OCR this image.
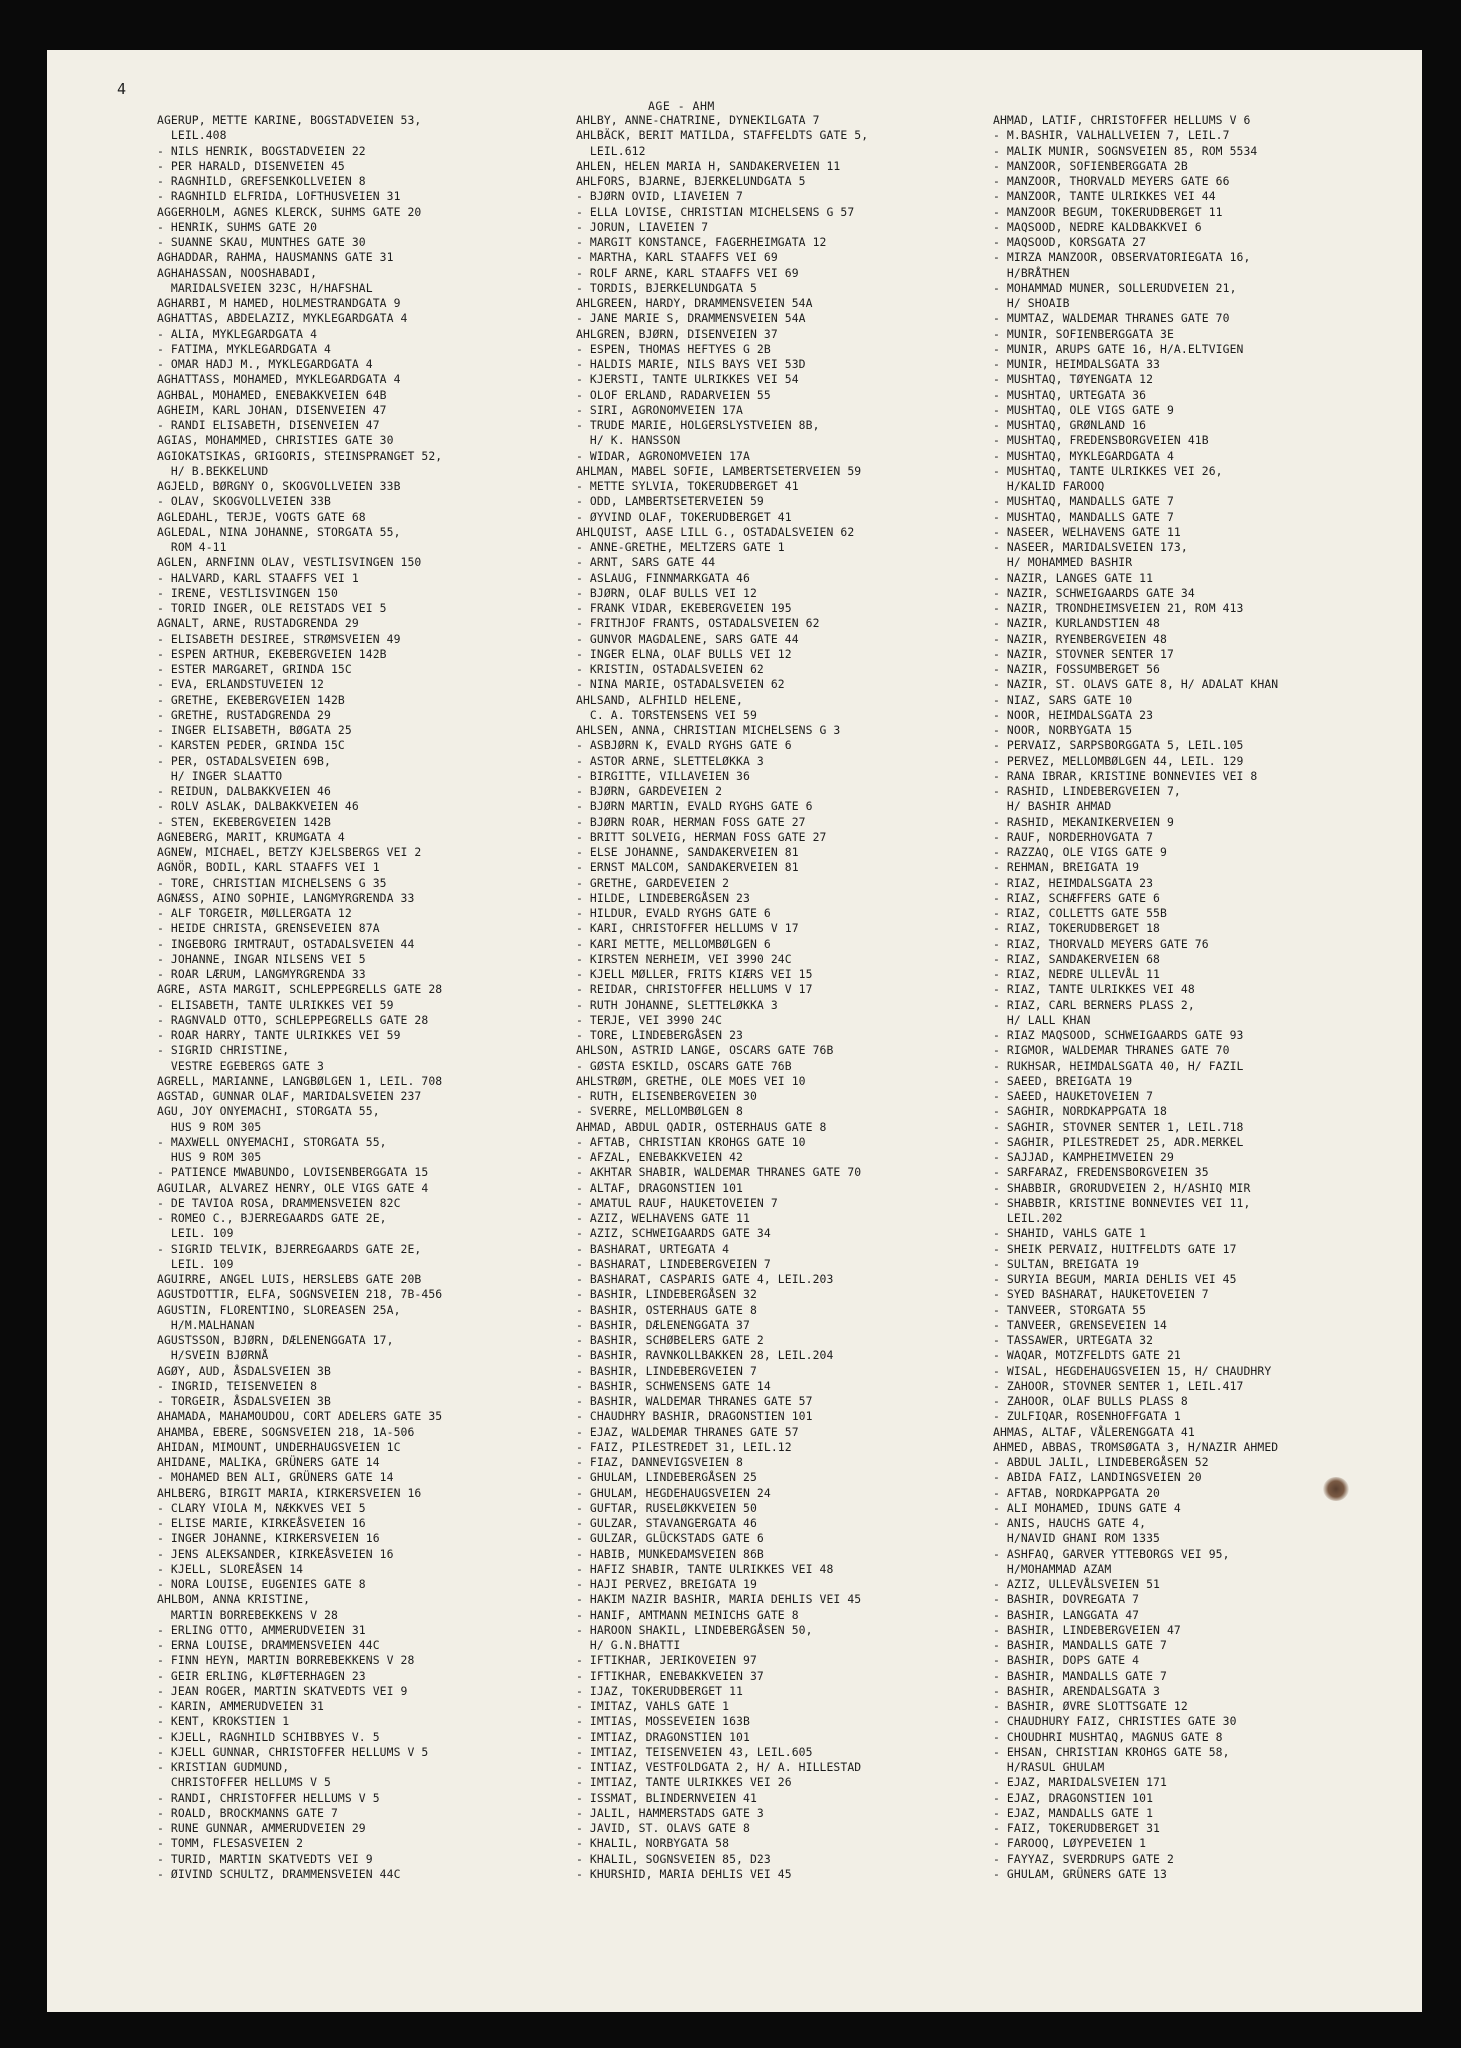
4
AGE - AHM
AGERUP, METTE KARINE, BOGSTADVEIEN 53,
LEIL.408
- NILS HENRIK, BOGSTADVEIEN 22
- PER HARALD, DISENVEIEN 45
- RAGNHILD, GREFSENKOLLVEIEN 8
- RAGNHILD ELFRIDA, LOFTHUSVEIEN 31
AGGERHOLM, AGNES KLERCK, SUHMS GATE 20
- HENRIK, SUHMS GATE 20
- SUANNE SKAU, MUNTHES GATE 30
AGHADDAR, RAHMA, HAUSMANNS GATE 31
AGHAHASSAN, NOOSHABADI,
MARIDALSVEIEN 323C, H/HAFSHAL
AGHARBI, M HAMED, HOLMESTRANDGATA 9
AGHATTAS, ABDELAZIZ, MYKLEGARDGATA 4
- ALIA, MYKLEGARDGATA 4
- FATIMA, MYKLEGARDGATA 4
- OMAR HADJ M., MYKLEGARDGATA 4
AGHATTASS, MOHAMED, MYKLEGARDGATA 4
AGHBAL, MOHAMED, ENEBAKKVEIEN 64B
AGHEIM, KARL JOHAN, DISENVEIEN 47
- RANDI ELISABETH, DISENVEIEN 47
AGIAS, MOHAMMED, CHRISTIES GATE 30
AGIOKATSIKAS, GRIGORIS, STEINSPRANGET 52,
H/ B.BEKKELUND
AGJELD, BØRGNY O, SKOGVOLLVEIEN 33B
- OLAV, SKOGVOLLVEIEN 33B
AGLEDAHL, TERJE, VOGTS GATE 68
AGLEDAL, NINA JOHANNE, STORGATA 55,
ROM 4-11
AGLEN, ARNFINN OLAV, VESTLISVINGEN 150
- HALVARD, KARL STAAFFS VEI 1
- IRENE, VESTLISVINGEN 150
- TORID INGER, OLE REISTADS VEI 5
AGNALT, ARNE, RUSTADGRENDA 29
- ELISABETH DESIREE, STRØMSVEIEN 49
- ESPEN ARTHUR, EKEBERGVEIEN 142B
- ESTER MARGARET, GRINDA 15C
- EVA, ERLANDSTUVEIEN 12
- GRETHE, EKEBERGVEIEN 142B
- GRETHE, RUSTADGRENDA 29
- INGER ELISABETH, BØGATA 25
- KARSTEN PEDER, GRINDA 15C
- PER, OSTADALSVEIEN 69B,
H/ INGER SLAATTO
- REIDUN, DALBAKKVEIEN 46
- ROLV ASLAK, DALBAKKVEIEN 46
- STEN, EKEBERGVEIEN 142B
AGNEBERG, MARIT, KRUMGATA 4
AGNEW, MICHAEL, BETZY KJELSBERGS VEI 2
AGNÖR, BODIL, KARL STAAFFS VEI 1
- TORE, CHRISTIAN MICHELSENS G 35
AGNÆSS, AINO SOPHIE, LANGMYRGRENDA 33
- ALF TORGEIR, MØLLERGATA 12
- HEIDE CHRISTA, GRENSEVEIEN 87A
- INGEBORG IRMTRAUT, OSTADALSVEIEN 44
- JOHANNE, INGAR NILSENS VEI 5
- ROAR LÆRUM, LANGMYRGRENDA 33
AGRE, ASTA MARGIT, SCHLEPPEGRELLS GATE 28
- ELISABETH, TANTE ULRIKKES VEI 59
- RAGNVALD OTTO, SCHLEPPEGRELLS GATE 28
- ROAR HARRY, TANTE ULRIKKES VEI 59
- SIGRID CHRISTINE,
VESTRE EGEBERGS GATE 3
AGRELL, MARIANNE, LANGBØLGEN 1, LEIL. 708
AGSTAD, GUNNAR OLAF, MARIDALSVEIEN 237
AGU, JOY ONYEMACHI, STORGATA 55,
HUS 9 ROM 305
- MAXWELL ONYEMACHI, STORGATA 55,
HUS 9 ROM 305
- PATIENCE MWABUNDO, LOVISENBERGGATA 15
AGUILAR, ALVAREZ HENRY, OLE VIGS GATE 4
- DE TAVIOA ROSA, DRAMMENSVEIEN 82C
- ROMEO C., BJERREGAARDS GATE 2E,
LEIL. 109
- SIGRID TELVIK, BJERREGAARDS GATE 2E,
LEIL. 109
AGUIRRE, ANGEL LUIS, HERSLEBS GATE 20B
AGUSTDOTTIR, ELFA, SOGNSVEIEN 218, 7B-456
AGUSTIN, FLORENTINO, SLOREASEN 25A,
H/M.MALHANAN
AGUSTSSON, BJØRN, DÆLENENGGATA 17,
H/SVEIN BJØRNÅ
AGØY, AUD, ÅSDALSVEIEN 3B
- INGRID, TEISENVEIEN 8
- TORGEIR, ÅSDALSVEIEN 3B
AHAMADA, MAHAMOUDOU, CORT ADELERS GATE 35
AHAMBA, EBERE, SOGNSVEIEN 218, 1A-506
AHIDAN, MIMOUNT, UNDERHAUGSVEIEN 1C
AHIDANE, MALIKA, GRÜNERS GATE 14
- MOHAMED BEN ALI, GRÜNERS GATE 14
AHLBERG, BIRGIT MARIA, KIRKERSVEIEN 16
- CLARY VIOLA M, NÆKKVES VEI 5
- ELISE MARIE, KIRKEÅSVEIEN 16
- INGER JOHANNE, KIRKERSVEIEN 16
- JENS ALEKSANDER, KIRKEÅSVEIEN 16
- KJELL, SLOREÅSEN 14
- NORA LOUISE, EUGENIES GATE 8
AHLBOM, ANNA KRISTINE,
MARTIN BORREBEKKENS V 28
- ERLING OTTO, AMMERUDVEIEN 31
- ERNA LOUISE, DRAMMENSVEIEN 44C
- FINN HEYN, MARTIN BORREBEKKENS V 28
- GEIR ERLING, KLØFTERHAGEN 23
- JEAN ROGER, MARTIN SKATVEDTS VEI 9
- KARIN, AMMERUDVEIEN 31
- KENT, KROKSTIEN 1
- KJELL, RAGNHILD SCHIBBYES V. 5
- KJELL GUNNAR, CHRISTOFFER HELLUMS V 5
- KRISTIAN GUDMUND,
CHRISTOFFER HELLUMS V 5
- RANDI, CHRISTOFFER HELLUMS V 5
- ROALD, BROCKMANNS GATE 7
- RUNE GUNNAR, AMMERUDVEIEN 29
- TOMM, FLESASVEIEN 2
- TURID, MARTIN SKATVEDTS VEI 9
- ØIVIND SCHULTZ, DRAMMENSVEIEN 44C
AHLBY, ANNE-CHATRINE, DYNEKILGATA 7
AHLBÄCK, BERIT MATILDA, STAFFELDTS GATE 5,
LEIL.612
AHLEN, HELEN MARIA H, SANDAKERVEIEN 11
AHLFORS, BJARNE, BJERKELUNDGATA 5
- BJØRN OVID, LIAVEIEN 7
- ELLA LOVISE, CHRISTIAN MICHELSENS G 57
- JORUN, LIAVEIEN 7
- MARGIT KONSTANCE, FAGERHEIMGATA 12
- MARTHA, KARL STAAFFS VEI 69
- ROLF ARNE, KARL STAAFFS VEI 69
- TORDIS, BJERKELUNDGATA 5
AHLGREEN, HARDY, DRAMMENSVEIEN 54A
- JANE MARIE S, DRAMMENSVEIEN 54A
AHLGREN, BJØRN, DISENVEIEN 37
- ESPEN, THOMAS HEFTYES G 2B
- HALDIS MARIE, NILS BAYS VEI 53D
- KJERSTI, TANTE ULRIKKES VEI 54
- OLOF ERLAND, RADARVEIEN 55
- SIRI, AGRONOMVEIEN 17A
- TRUDE MARIE, HOLGERSLYSTVEIEN 8B,
H/ K. HANSSON
- WIDAR, AGRONOMVEIEN 17A
AHLMAN, MABEL SOFIE, LAMBERTSETERVEIEN 59
- METTE SYLVIA, TOKERUDBERGET 41
- ODD, LAMBERTSETERVEIEN 59
- ØYVIND OLAF, TOKERUDBERGET 41
AHLQUIST, AASE LILL G., OSTADALSVEIEN 62
- ANNE-GRETHE, MELTZERS GATE 1
- ARNT, SARS GATE 44
- ASLAUG, FINNMARKGATA 46
- BJØRN, OLAF BULLS VEI 12
- FRANK VIDAR, EKEBERGVEIEN 195
- FRITHJOF FRANTS, OSTADALSVEIEN 62
- GUNVOR MAGDALENE, SARS GATE 44
- INGER ELNA, OLAF BULLS VEI 12
- KRISTIN, OSTADALSVEIEN 62
- NINA MARIE, OSTADALSVEIEN 62
AHLSAND, ALFHILD HELENE,
C. A. TORSTENSENS VEI 59
AHLSEN, ANNA, CHRISTIAN MICHELSENS G 3
- ASBJØRN K, EVALD RYGHS GATE 6
- ASTOR ARNE, SLETTELØKKA 3
- BIRGITTE, VILLAVEIEN 36
- BJØRN, GARDEVEIEN 2
- BJØRN MARTIN, EVALD RYGHS GATE 6
- BJØRN ROAR, HERMAN FOSS GATE 27
- BRITT SOLVEIG, HERMAN FOSS GATE 27
- ELSE JOHANNE, SANDAKERVEIEN 81
- ERNST MALCOM, SANDAKERVEIEN 81
- GRETHE, GARDEVEIEN 2
- HILDE, LINDEBERGÅSEN 23
- HILDUR, EVALD RYGHS GATE 6
- KARI, CHRISTOFFER HELLUMS V 17
- KARI METTE, MELLOMBØLGEN 6
- KIRSTEN NERHEIM, VEI 3990 24C
- KJELL MØLLER, FRITS KIÆRS VEI 15
- REIDAR, CHRISTOFFER HELLUMS V 17
- RUTH JOHANNE, SLETTELØKKA 3
- TERJE, VEI 3990 24C
- TORE, LINDEBERGÅSEN 23
AHLSON, ASTRID LANGE, OSCARS GATE 76B
- GØSTA ESKILD, OSCARS GATE 76B
AHLSTRØM, GRETHE, OLE MOES VEI 10
- RUTH, ELISENBERGVEIEN 30
- SVERRE, MELLOMBØLGEN 8
AHMAD, ABDUL QADIR, OSTERHAUS GATE 8
- AFTAB, CHRISTIAN KROHGS GATE 10
- AFZAL, ENEBAKKVEIEN 42
- AKHTAR SHABIR, WALDEMAR THRANES GATE 70
- ALTAF, DRAGONSTIEN 101
- AMATUL RAUF, HAUKETOVEIEN 7
- AZIZ, WELHAVENS GATE 11
- AZIZ, SCHWEIGAARDS GATE 34
- BASHARAT, URTEGATA 4
- BASHARAT, LINDEBERGVEIEN 7
- BASHARAT, CASPARIS GATE 4, LEIL.203
- BASHIR, LINDEBERGÅSEN 32
- BASHIR, OSTERHAUS GATE 8
- BASHIR, DÆLENENGGATA 37
- BASHIR, SCHØBELERS GATE 2
- BASHIR, RAVNKOLLBAKKEN 28, LEIL.204
- BASHIR, LINDEBERGVEIEN 7
- BASHIR, SCHWENSENS GATE 14
- BASHIR, WALDEMAR THRANES GATE 57
- CHAUDHRY BASHIR, DRAGONSTIEN 101
- EJAZ, WALDEMAR THRANES GATE 57
- FAIZ, PILESTREDET 31, LEIL.12
- FIAZ, DANNEVIGSVEIEN 8
- GHULAM, LINDEBERGÅSEN 25
- GHULAM, HEGDEHAUGSVEIEN 24
- GUFTAR, RUSELØKKVEIEN 50
- GULZAR, STAVANGERGATA 46
- GULZAR, GLÜCKSTADS GATE 6
- HABIB, MUNKEDAMSVEIEN 86B
- HAFIZ SHABIR, TANTE ULRIKKES VEI 48
- HAJI PERVEZ, BREIGATA 19
- HAKIM NAZIR BASHIR, MARIA DEHLIS VEI 45
- HANIF, AMTMANN MEINICHS GATE 8
- HAROON SHAKIL, LINDEBERGÅSEN 50,
H/ G.N.BHATTI
- IFTIKHAR, JERIKOVEIEN 97
- IFTIKHAR, ENEBAKKVEIEN 37
- IJAZ, TOKERUDBERGET 11
- IMITAZ, VAHLS GATE 1
- IMTIAS, MOSSEVEIEN 163B
- IMTIAZ, DRAGONSTIEN 101
- IMTIAZ, TEISENVEIEN 43, LEIL.605
- INTIAZ, VESTFOLDGATA 2, H/ A. HILLESTAD
- IMTIAZ, TANTE ULRIKKES VEI 26
- ISSMAT, BLINDERNVEIEN 41
- JALIL, HAMMERSTADS GATE 3
- JAVID, ST. OLAVS GATE 8
- KHALIL, NORBYGATA 58
- KHALIL, SOGNSVEIEN 85, D23
- KHURSHID, MARIA DEHLIS VEI 45
AHMAD, LATIF, CHRISTOFFER HELLUMS V 6
- M.BASHIR, VALHALLVEIEN 7, LEIL.7
- MALIK MUNIR, SOGNSVEIEN 85, ROM 5534
- MANZOOR, SOFIENBERGGATA 2B
- MANZOOR, THORVALD MEYERS GATE 66
- MANZOOR, TANTE ULRIKKES VEI 44
- MANZOOR BEGUM, TOKERUDBERGET 11
- MAQSOOD, NEDRE KALDBAKKVEI 6
- MAQSOOD, KORSGATA 27
- MIRZA MANZOOR, OBSERVATORIEGATA 16,
H/BRÅTHEN
- MOHAMMAD MUNER, SOLLERUDVEIEN 21,
H/ SHOAIB
- MUMTAZ, WALDEMAR THRANES GATE 70
- MUNIR, SOFIENBERGGATA 3E
- MUNIR, ARUPS GATE 16, H/A.ELTVIGEN
- MUNIR, HEIMDALSGATA 33
- MUSHTAQ, TØYENGATA 12
- MUSHTAQ, URTEGATA 36
- MUSHTAQ, OLE VIGS GATE 9
- MUSHTAQ, GRØNLAND 16
- MUSHTAQ, FREDENSBORGVEIEN 41B
- MUSHTAQ, MYKLEGARDGATA 4
- MUSHTAQ, TANTE ULRIKKES VEI 26,
H/KALID FAROOQ
- MUSHTAQ, MANDALLS GATE 7
- MUSHTAQ, MANDALLS GATE 7
- NASEER, WELHAVENS GATE 11
- NASEER, MARIDALSVEIEN 173,
H/ MOHAMMED BASHIR
- NAZIR, LANGES GATE 11
- NAZIR, SCHWEIGAARDS GATE 34
- NAZIR, TRONDHEIMSVEIEN 21, ROM 413
- NAZIR, KURLANDSTIEN 48
- NAZIR, RYENBERGVEIEN 48
- NAZIR, STOVNER SENTER 17
- NAZIR, FOSSUMBERGET 56
- NAZIR, ST. OLAVS GATE 8, H/ ADALAT KHAN
- NIAZ, SARS GATE 10
- NOOR, HEIMDALSGATA 23
- NOOR, NORBYGATA 15
- PERVAIZ, SARPSBORGGATA 5, LEIL.105
- PERVEZ, MELLOMBØLGEN 44, LEIL. 129
- RANA IBRAR, KRISTINE BONNEVIES VEI 8
- RASHID, LINDEBERGVEIEN 7,
H/ BASHIR AHMAD
- RASHID, MEKANIKERVEIEN 9
- RAUF, NORDERHOVGATA 7
- RAZZAQ, OLE VIGS GATE 9
- REHMAN, BREIGATA 19
- RIAZ, HEIMDALSGATA 23
- RIAZ, SCHÆFFERS GATE 6
- RIAZ, COLLETTS GATE 55B
- RIAZ, TOKERUDBERGET 18
- RIAZ, THORVALD MEYERS GATE 76
- RIAZ, SANDAKERVEIEN 68
- RIAZ, NEDRE ULLEVÅL 11
- RIAZ, TANTE ULRIKKES VEI 48
- RIAZ, CARL BERNERS PLASS 2,
H/ LALL KHAN
- RIAZ MAQSOOD, SCHWEIGAARDS GATE 93
- RIGMOR, WALDEMAR THRANES GATE 70
- RUKHSAR, HEIMDALSGATA 40, H/ FAZIL
- SAEED, BREIGATA 19
- SAEED, HAUKETOVEIEN 7
- SAGHIR, NORDKAPPGATA 18
- SAGHIR, STOVNER SENTER 1, LEIL.718
- SAGHIR, PILESTREDET 25, ADR.MERKEL
- SAJJAD, KAMPHEIMVEIEN 29
- SARFARAZ, FREDENSBORGVEIEN 35
- SHABBIR, GRORUDVEIEN 2, H/ASHIQ MIR
- SHABBIR, KRISTINE BONNEVIES VEI 11,
LEIL.202
- SHAHID, VAHLS GATE 1
- SHEIK PERVAIZ, HUITFELDTS GATE 17
- SULTAN, BREIGATA 19
- SURYIA BEGUM, MARIA DEHLIS VEI 45
- SYED BASHARAT, HAUKETOVEIEN 7
- TANVEER, STORGATA 55
- TANVEER, GRENSEVEIEN 14
- TASSAWER, URTEGATA 32
- WAQAR, MOTZFELDTS GATE 21
- WISAL, HEGDEHAUGSVEIEN 15, H/ CHAUDHRY
- ZAHOOR, STOVNER SENTER 1, LEIL.417
- ZAHOOR, OLAF BULLS PLASS 8
- ZULFIQAR, ROSENHOFFGATA 1
AHMAS, ALTAF, VÅLERENGGATA 41
AHMED, ABBAS, TROMSØGATA 3, H/NAZIR AHMED
- ABDUL JALIL, LINDEBERGÅSEN 52
- ABIDA FAIZ, LANDINGSVEIEN 20
- AFTAB, NORDKAPPGATA 20
- ALI MOHAMED, IDUNS GATE 4
- ANIS, HAUCHS GATE 4,
H/NAVID GHANI ROM 1335
- ASHFAQ, GARVER YTTEBORGS VEI 95,
H/MOHAMMAD AZAM
- AZIZ, ULLEVÅLSVEIEN 51
- BASHIR, DOVREGATA 7
- BASHIR, LANGGATA 47
- BASHIR, LINDEBERGVEIEN 47
- BASHIR, MANDALLS GATE 7
- BASHIR, DOPS GATE 4
- BASHIR, MANDALLS GATE 7
- BASHIR, ARENDALSGATA 3
- BASHIR, ØVRE SLOTTSGATE 12
- CHAUDHURY FAIZ, CHRISTIES GATE 30
- CHOUDHRI MUSHTAQ, MAGNUS GATE 8
- EHSAN, CHRISTIAN KROHGS GATE 58,
H/RASUL GHULAM
- EJAZ, MARIDALSVEIEN 171
- EJAZ, DRAGONSTIEN 101
- EJAZ, MANDALLS GATE 1
- FAIZ, TOKERUDBERGET 31
- FAROOQ, LØYPEVEIEN 1
- FAYYAZ, SVERDRUPS GATE 2
- GHULAM, GRÜNERS GATE 13
